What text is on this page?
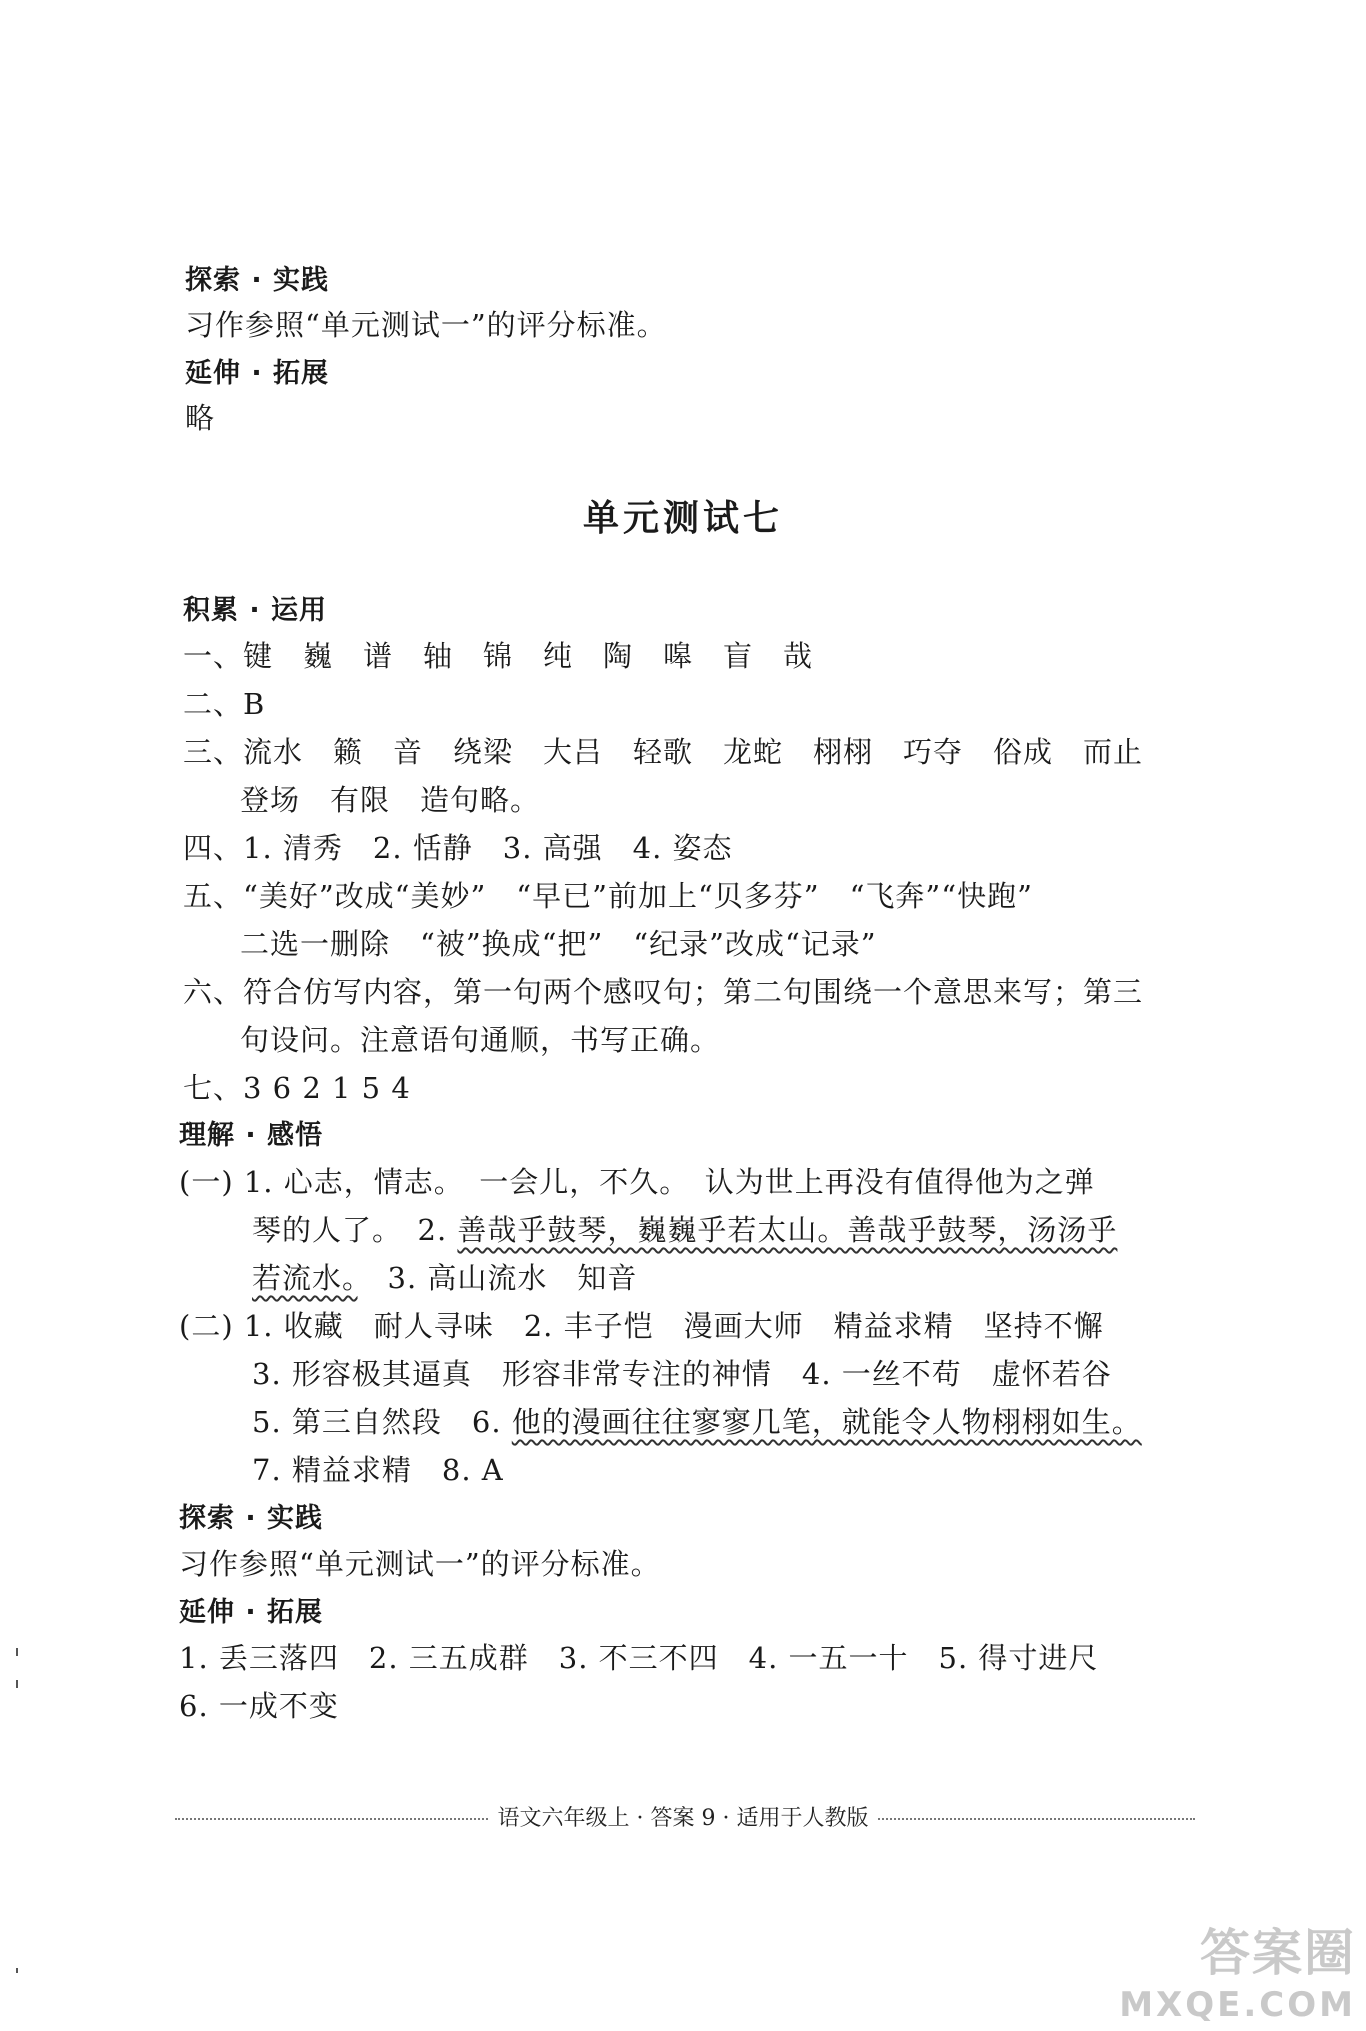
探索 · 实践
习作参照“单元测试一”的评分标准。
延伸 · 拓展
略
单元测试七
积累 · 运用
一、键　巍　谱　轴　锦　纯　陶　嗥　盲　哉
二、B
三、流水　籁　音　绕梁　大吕　轻歌　龙蛇　栩栩　巧夺　俗成　而止
登场　有限　造句略。
四、1. 清秀　2. 恬静　3. 高强　4. 姿态
五、“美好”改成“美妙”　“早已”前加上“贝多芬”　“飞奔”“快跑”
二选一删除　“被”换成“把”　“纪录”改成“记录”
六、符合仿写内容，第一句两个感叹句；第二句围绕一个意思来写；第三
句设问。注意语句通顺，书写正确。
七、3 6 2 1 5 4
理解 · 感悟
(一) 1. 心志，情志。　一会儿，不久。　认为世上再没有值得他为之弹
琴的人了。　2. 善哉乎鼓琴，巍巍乎若太山。善哉乎鼓琴，汤汤乎
若流水。　3. 高山流水　知音
(二) 1. 收藏　耐人寻味　2. 丰子恺　漫画大师　精益求精　坚持不懈
3. 形容极其逼真　形容非常专注的神情　4. 一丝不苟　虚怀若谷
5. 第三自然段　6. 他的漫画往往寥寥几笔，就能令人物栩栩如生。
7. 精益求精　8. A
探索 · 实践
习作参照“单元测试一”的评分标准。
延伸 · 拓展
1. 丢三落四　2. 三五成群　3. 不三不四　4. 一五一十　5. 得寸进尺
6. 一成不变
语文六年级上 · 答案 9 · 适用于人教版
答案圈
MXQE.COM
